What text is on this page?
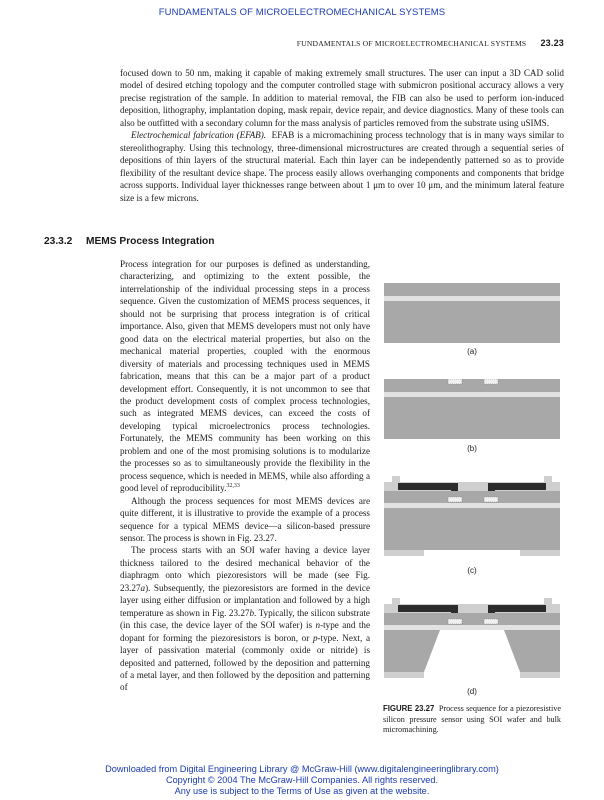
FUNDAMENTALS OF MICROELECTROMECHANICAL SYSTEMS
FUNDAMENTALS OF MICROELECTROMECHANICAL SYSTEMS 23.23

focused down to 50 nm, making it capable of making extremely small structures. The user can input a 3D CAD solid model of desired etching topology and the computer controlled stage with submicron positional accuracy allows a very precise registration of the sample. In addition to material removal, the FIB can also be used to perform ion-induced deposition, lithography, implantation doping, mask repair, device repair, and device diagnostics. Many of these tools can also be outfitted with a secondary column for the mass analysis of particles removed from the substrate using uSIMS.

Electrochemical fabrication (EFAB). EFAB is a micromachining process technology that is in many ways similar to stereolithography. Using this technology, three-dimensional microstructures are created through a sequential series of depositions of thin layers of the structural material. Each thin layer can be independently patterned so as to provide flexibility of the resultant device shape. The process easily allows overhanging components and components that bridge across supports. Individual layer thicknesses range between about 1 μm to over 10 μm, and the minimum lateral feature size is a few microns.

23.3.2 MEMS Process Integration

Process integration for our purposes is defined as understanding, characterizing, and optimizing to the extent possible, the interrelationship of the individual processing steps in a process sequence. Given the customization of MEMS process sequences, it should not be surprising that process integration is of critical importance. Also, given that MEMS developers must not only have good data on the electrical material properties, but also on the mechanical material properties, coupled with the enormous diversity of materials and processing techniques used in MEMS fabrication, means that this can be a major part of a product development effort. Consequently, it is not uncommon to see that the product development costs of complex process technologies, such as integrated MEMS devices, can exceed the costs of developing typical microelectronics process technologies. Fortunately, the MEMS community has been working on this problem and one of the most promising solutions is to modularize the processes so as to simultaneously provide the flexibility in the process sequence, which is needed in MEMS, while also affording a good level of reproducibility.$^{32,33}$

Although the process sequences for most MEMS devices are quite different, it is illustrative to provide the example of a process sequence for a typical MEMS device—a silicon-based pressure sensor. The process is shown in Fig. 23.27.

The process starts with an SOI wafer having a device layer thickness tailored to the desired mechanical behavior of the diaphragm onto which piezoresistors will be made (see Fig. 23.27a). Subsequently, the piezoresistors are formed in the device layer using either diffusion or implantation and followed by a high temperature as shown in Fig. 23.27b. Typically, the silicon substrate (in this case, the device layer of the SOI wafer) is n-type and the dopant for forming the piezoresistors is boron, or p-type. Next, a layer of passivation material (commonly oxide or nitride) is deposited and patterned, followed by the deposition and patterning of a metal layer, and then followed by the deposition and patterning of

(a)
(b)
(c)
(d)
FIGURE 23.27 Process sequence for a piezoresistive silicon pressure sensor using SOI wafer and bulk micromachining.
Downloaded from Digital Engineering Library @ McGraw-Hill (www.digitalengineeringlibrary.com)
Copyright © 2004 The McGraw-Hill Companies. All rights reserved.
Any use is subject to the Terms of Use as given at the website.
